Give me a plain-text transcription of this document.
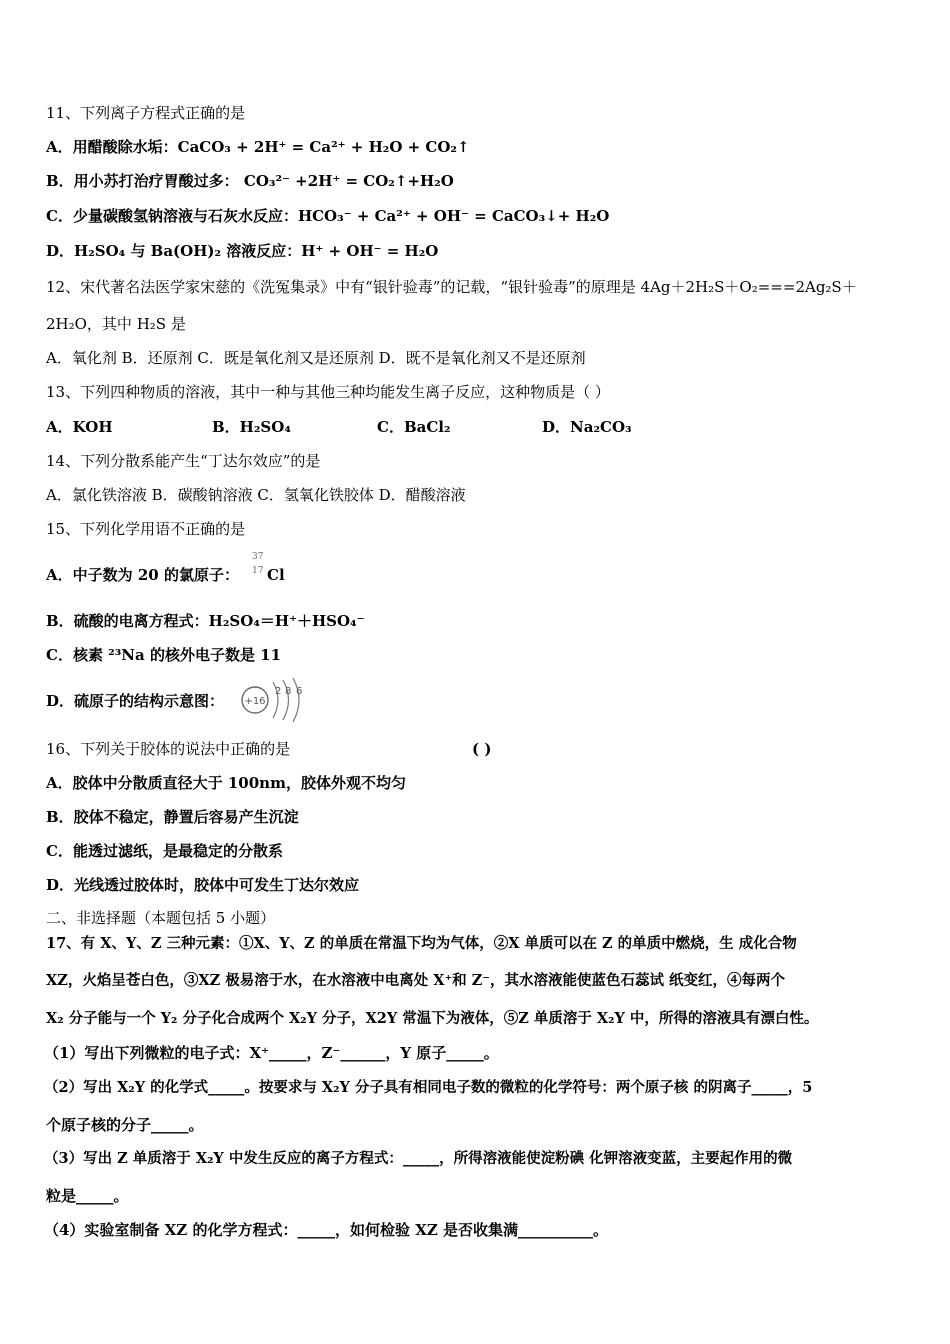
11、下列离子方程式正确的是
A．用醋酸除水垢：CaCO₃ + 2H⁺ = Ca²⁺ + H₂O + CO₂↑
B．用小苏打治疗胃酸过多： CO₃²⁻ +2H⁺ = CO₂↑+H₂O
C．少量碳酸氢钠溶液与石灰水反应：HCO₃⁻ + Ca²⁺ + OH⁻ = CaCO₃↓+ H₂O
D．H₂SO₄ 与 Ba(OH)₂ 溶液反应：H⁺ + OH⁻ = H₂O
12、宋代著名法医学家宋慈的《洗冤集录》中有“银针验毒”的记载，“银针验毒”的原理是 4Ag＋2H₂S＋O₂===2Ag₂S＋
2H₂O，其中 H₂S 是
A．氧化剂 B．还原剂 C．既是氧化剂又是还原剂 D．既不是氧化剂又不是还原剂
13、下列四种物质的溶液，其中一种与其他三种均能发生离子反应，这种物质是（ ）
A．KOH	B．H₂SO₄	C．BaCl₂	D．Na₂CO₃
14、下列分散系能产生“丁达尔效应”的是
A．氯化铁溶液 B．碳酸钠溶液 C．氢氧化铁胶体 D．醋酸溶液
15、下列化学用语不正确的是
A．中子数为 20 的氯原子：
37
17 Cl
B．硫酸的电离方程式：H₂SO₄＝H⁺＋HSO₄⁻
C．核素 ²³Na 的核外电子数是 11
D．硫原子的结构示意图： +16
2 8 6
16、下列关于胶体的说法中正确的是	( )
A．胶体中分散质直径大于 100nm，胶体外观不均匀
B．胶体不稳定，静置后容易产生沉淀
C．能透过滤纸，是最稳定的分散系
D．光线透过胶体时，胶体中可发生丁达尔效应
二、非选择题（本题包括 5 小题）
17、有 X、Y、Z 三种元素：①X、Y、Z 的单质在常温下均为气体，②X 单质可以在 Z 的单质中燃烧，生 成化合物
XZ，火焰呈苍白色，③XZ 极易溶于水，在水溶液中电离处 X⁺和 Z⁻，其水溶液能使蓝色石蕊试 纸变红，④每两个
X₂ 分子能与一个 Y₂ 分子化合成两个 X₂Y 分子，X2Y 常温下为液体，⑤Z 单质溶于 X₂Y 中，所得的溶液具有漂白性。
（1）写出下列微粒的电子式：X⁺_____，Z⁻______，Y 原子_____。
（2）写出 X₂Y 的化学式_____。按要求与 X₂Y 分子具有相同电子数的微粒的化学符号：两个原子核 的阴离子_____，5
个原子核的分子_____。
（3）写出 Z 单质溶于 X₂Y 中发生反应的离子方程式：_____，所得溶液能使淀粉碘 化钾溶液变蓝，主要起作用的微
粒是_____。
（4）实验室制备 XZ 的化学方程式：_____，如何检验 XZ 是否收集满__________。
